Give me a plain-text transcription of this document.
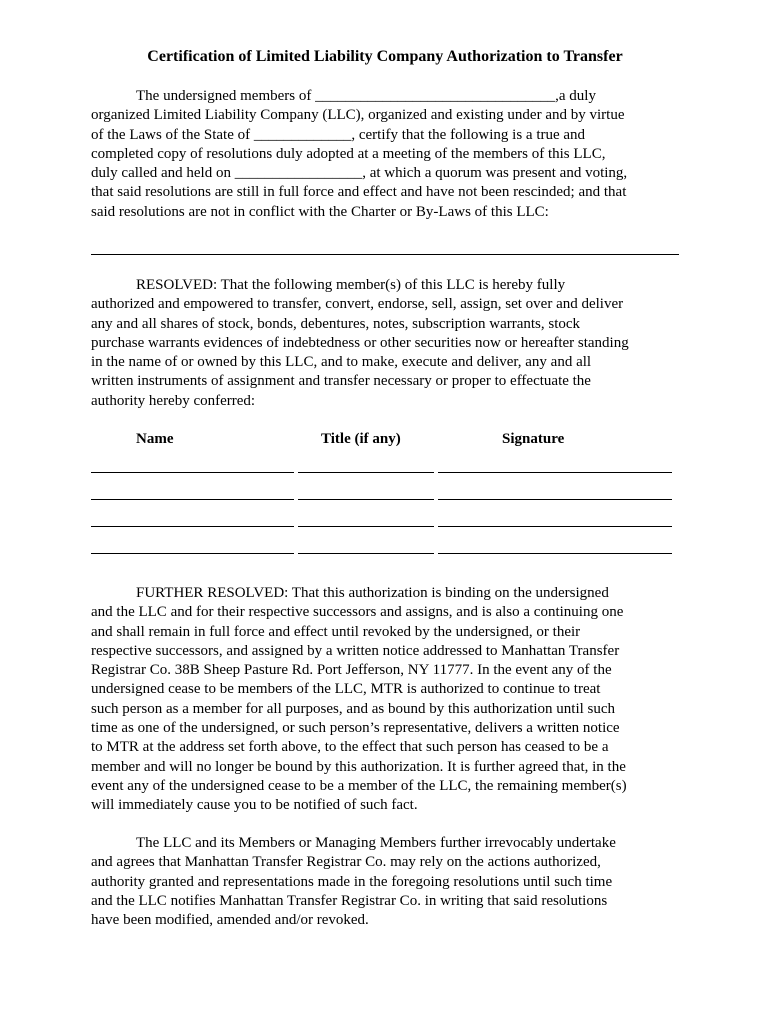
Certification of Limited Liability Company Authorization to Transfer
The undersigned members of ________________________________,a duly
organized Limited Liability Company (LLC), organized and existing under and by virtue
of the Laws of the State of _____________, certify that the following is a true and
completed copy of resolutions duly adopted at a meeting of the members of this LLC,
duly called and held on _________________, at which a quorum was present and voting,
that said resolutions are still in full force and effect and have not been rescinded; and that
said resolutions are not in conflict with the Charter or By-Laws of this LLC:
RESOLVED: That the following member(s) of this LLC is hereby fully
authorized and empowered to transfer, convert, endorse, sell, assign, set over and deliver
any and all shares of stock, bonds, debentures, notes, subscription warrants, stock
purchase warrants evidences of indebtedness or other securities now or hereafter standing
in the name of or owned by this LLC, and to make, execute and deliver, any and all
written instruments of assignment and transfer necessary or proper to effectuate the
authority hereby conferred:
Name	Title (if any)	Signature
FURTHER RESOLVED: That this authorization is binding on the undersigned
and the LLC and for their respective successors and assigns, and is also a continuing one
and shall remain in full force and effect until revoked by the undersigned, or their
respective successors, and assigned by a written notice addressed to Manhattan Transfer
Registrar Co. 38B Sheep Pasture Rd. Port Jefferson, NY 11777. In the event any of the
undersigned cease to be members of the LLC, MTR is authorized to continue to treat
such person as a member for all purposes, and as bound by this authorization until such
time as one of the undersigned, or such person’s representative, delivers a written notice
to MTR at the address set forth above, to the effect that such person has ceased to be a
member and will no longer be bound by this authorization. It is further agreed that, in the
event any of the undersigned cease to be a member of the LLC, the remaining member(s)
will immediately cause you to be notified of such fact.
The LLC and its Members or Managing Members further irrevocably undertake
and agrees that Manhattan Transfer Registrar Co. may rely on the actions authorized,
authority granted and representations made in the foregoing resolutions until such time
and the LLC notifies Manhattan Transfer Registrar Co. in writing that said resolutions
have been modified, amended and/or revoked.
